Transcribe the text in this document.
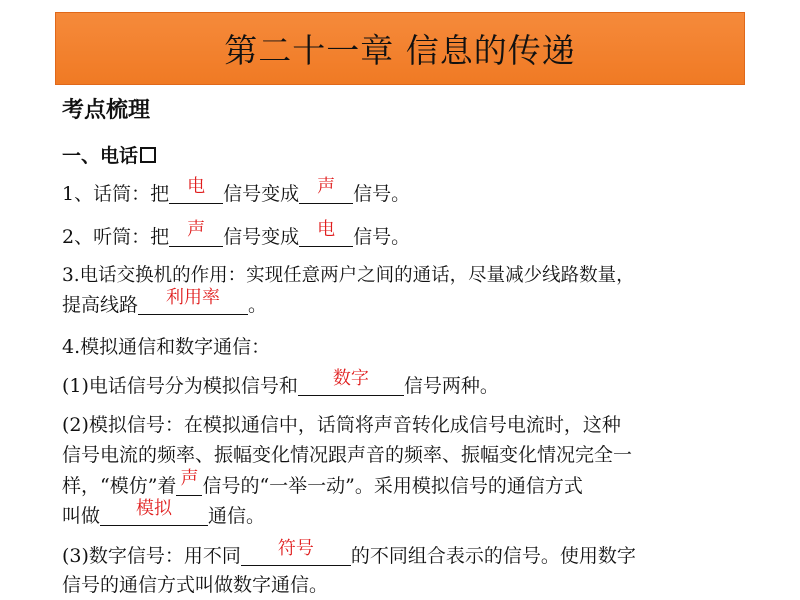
第二十一章 信息的传递
考点梳理
一、电话
1、话筒：把	电 信号变成	声 信号。
2、听筒：把	声 信号变成	电 信号。
3.电话交换机的作用：实现任意两户之间的通话，尽量减少线路数量，
提高线路	利用率	。
4.模拟通信和数字通信：
(1)电话信号分为模拟信号和	数字	信号两种。
(2)模拟信号：在模拟通信中，话筒将声音转化成信号电流时，这种
信号电流的频率、振幅变化情况跟声音的频率、振幅变化情况完全一
样，“模仿”着 声 信号的“一举一动”。采用模拟信号的通信方式
叫做	模拟	通信。
(3)数字信号：用不同	符号	的不同组合表示的信号。使用数字
信号的通信方式叫做数字通信。
